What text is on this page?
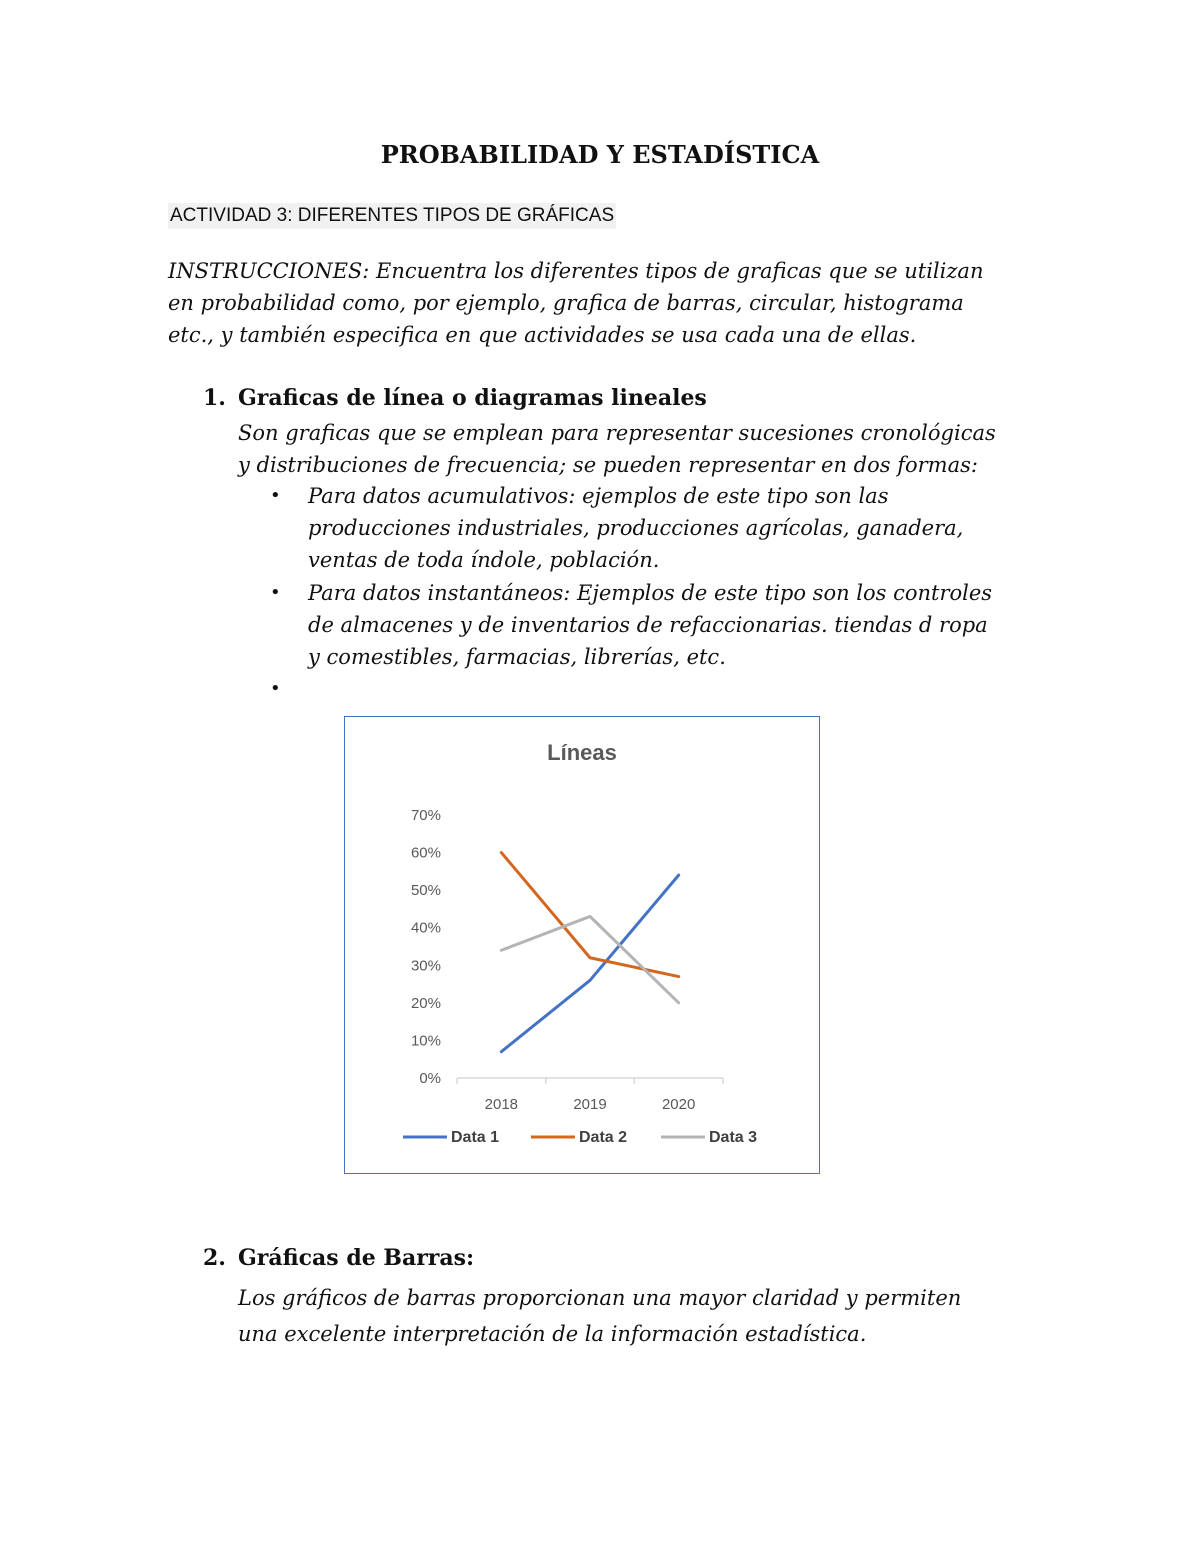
PROBABILIDAD Y ESTADÍSTICA
ACTIVIDAD 3: DIFERENTES TIPOS DE GRÁFICAS
INSTRUCCIONES: Encuentra los diferentes tipos de graficas que se utilizan
en probabilidad como, por ejemplo, grafica de barras, circular, histograma
etc., y también especifica en que actividades se usa cada una de ellas.
1. Graficas de línea o diagramas lineales
Son graficas que se emplean para representar sucesiones cronológicas
y distribuciones de frecuencia; se pueden representar en dos formas:
• Para datos acumulativos: ejemplos de este tipo son las
producciones industriales, producciones agrícolas, ganadera,
ventas de toda índole, población.
• Para datos instantáneos: Ejemplos de este tipo son los controles
de almacenes y de inventarios de refaccionarias. tiendas d ropa
y comestibles, farmacias, librerías, etc.
•
Líneas
0%
10%
20%
30%
40%
50%
60%
70%
2018	2019	2020
Data 1	Data 2	Data 3
2. Gráficas de Barras:
Los gráficos de barras proporcionan una mayor claridad y permiten
una excelente interpretación de la información estadística.
